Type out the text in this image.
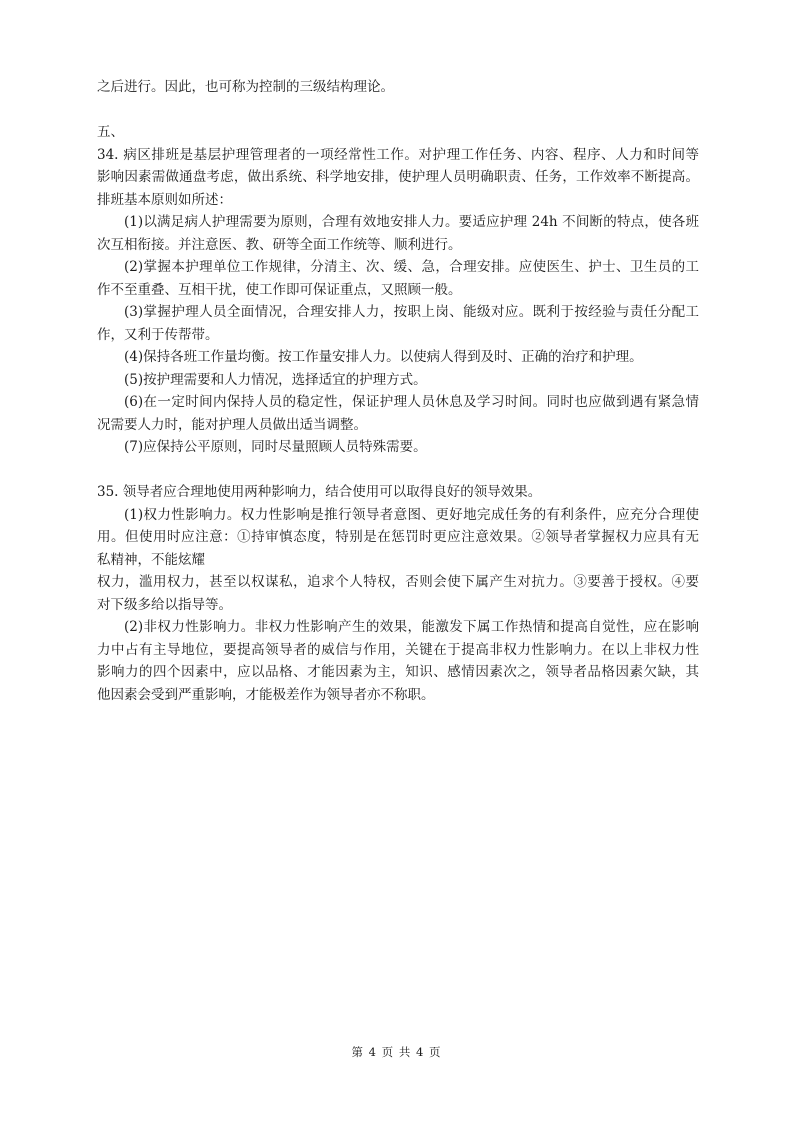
之后进行。因此，也可称为控制的三级结构理论。
五、
34. 病区排班是基层护理管理者的一项经常性工作。对护理工作任务、内容、程序、人力和时间等
影响因素需做通盘考虑，做出系统、科学地安排，使护理人员明确职责、任务，工作效率不断提高。
排班基本原则如所述：
(1)以满足病人护理需要为原则，合理有效地安排人力。要适应护理 24h 不间断的特点，使各班
次互相衔接。并注意医、教、研等全面工作统等、顺利进行。
(2)掌握本护理单位工作规律，分清主、次、缓、急，合理安排。应使医生、护士、卫生员的工
作不至重叠、互相干扰，使工作即可保证重点，又照顾一般。
(3)掌握护理人员全面情况，合理安排人力，按职上岗、能级对应。既利于按经验与责任分配工
作，又利于传帮带。
(4)保持各班工作量均衡。按工作量安排人力。以使病人得到及时、正确的治疗和护理。
(5)按护理需要和人力情况，选择适宜的护理方式。
(6)在一定时间内保持人员的稳定性，保证护理人员休息及学习时间。同时也应做到遇有紧急情
况需要人力时，能对护理人员做出适当调整。
(7)应保持公平原则，同时尽量照顾人员特殊需要。
35. 领导者应合理地使用两种影响力，结合使用可以取得良好的领导效果。
(1)权力性影响力。权力性影响是推行领导者意图、更好地完成任务的有利条件，应充分合理使
用。但使用时应注意：①持审慎态度，特别是在惩罚时更应注意效果。②领导者掌握权力应具有无
私精神，不能炫耀
权力，滥用权力，甚至以权谋私，追求个人特权，否则会使下属产生对抗力。③要善于授权。④要
对下级多给以指导等。
(2)非权力性影响力。非权力性影响产生的效果，能激发下属工作热情和提高自觉性，应在影响
力中占有主导地位，要提高领导者的威信与作用，关键在于提高非权力性影响力。在以上非权力性
影响力的四个因素中，应以品格、才能因素为主，知识、感情因素次之，领导者品格因素欠缺，其
他因素会受到严重影响，才能极差作为领导者亦不称职。
第 4 页 共 4 页
